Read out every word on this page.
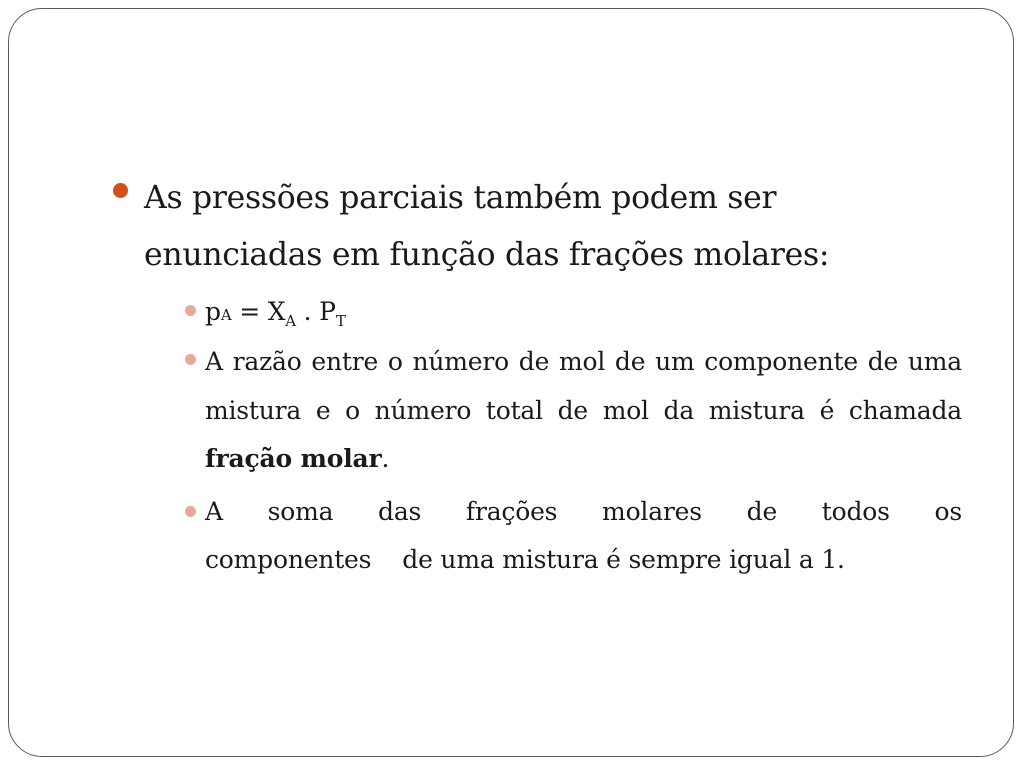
As pressões parciais também podem ser enunciadas em função das frações molares:
pA = $X_A$ . $P_T$
A razão entre o número de mol de um componente de uma mistura e o número total de mol da mistura é chamada fração molar.
A soma das frações molares de todos os
componentes    de uma mistura é sempre igual a 1.
